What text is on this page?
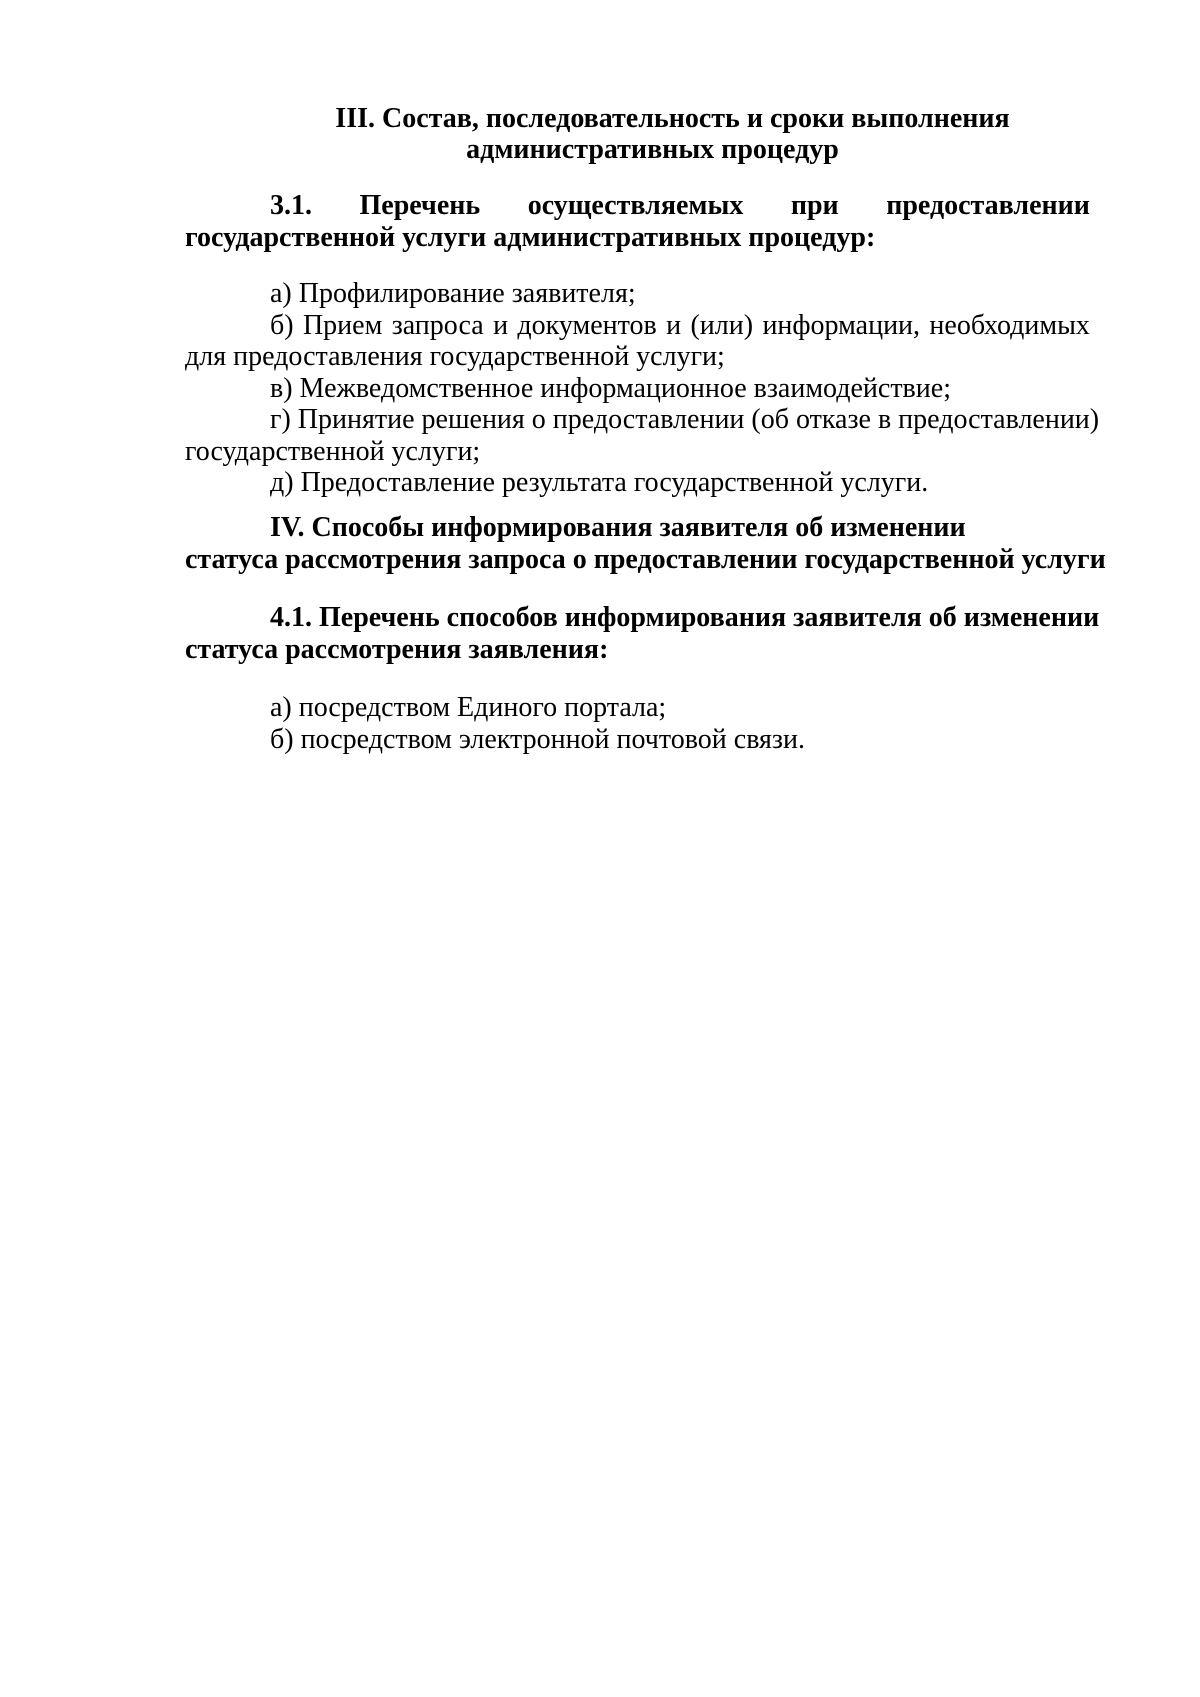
III. Состав, последовательность и сроки выполнения
административных процедур
3.1. Перечень осуществляемых при предоставлении
государственной услуги административных процедур:
а) Профилирование заявителя;
б) Прием запроса и документов и (или) информации, необходимых
для предоставления государственной услуги;
в) Межведомственное информационное взаимодействие;
г) Принятие решения о предоставлении (об отказе в предоставлении)
государственной услуги;
д) Предоставление результата государственной услуги.
IV. Способы информирования заявителя об изменении
статуса рассмотрения запроса о предоставлении государственной услуги
4.1. Перечень способов информирования заявителя об изменении
статуса рассмотрения заявления:
а) посредством Единого портала;
б) посредством электронной почтовой связи.
